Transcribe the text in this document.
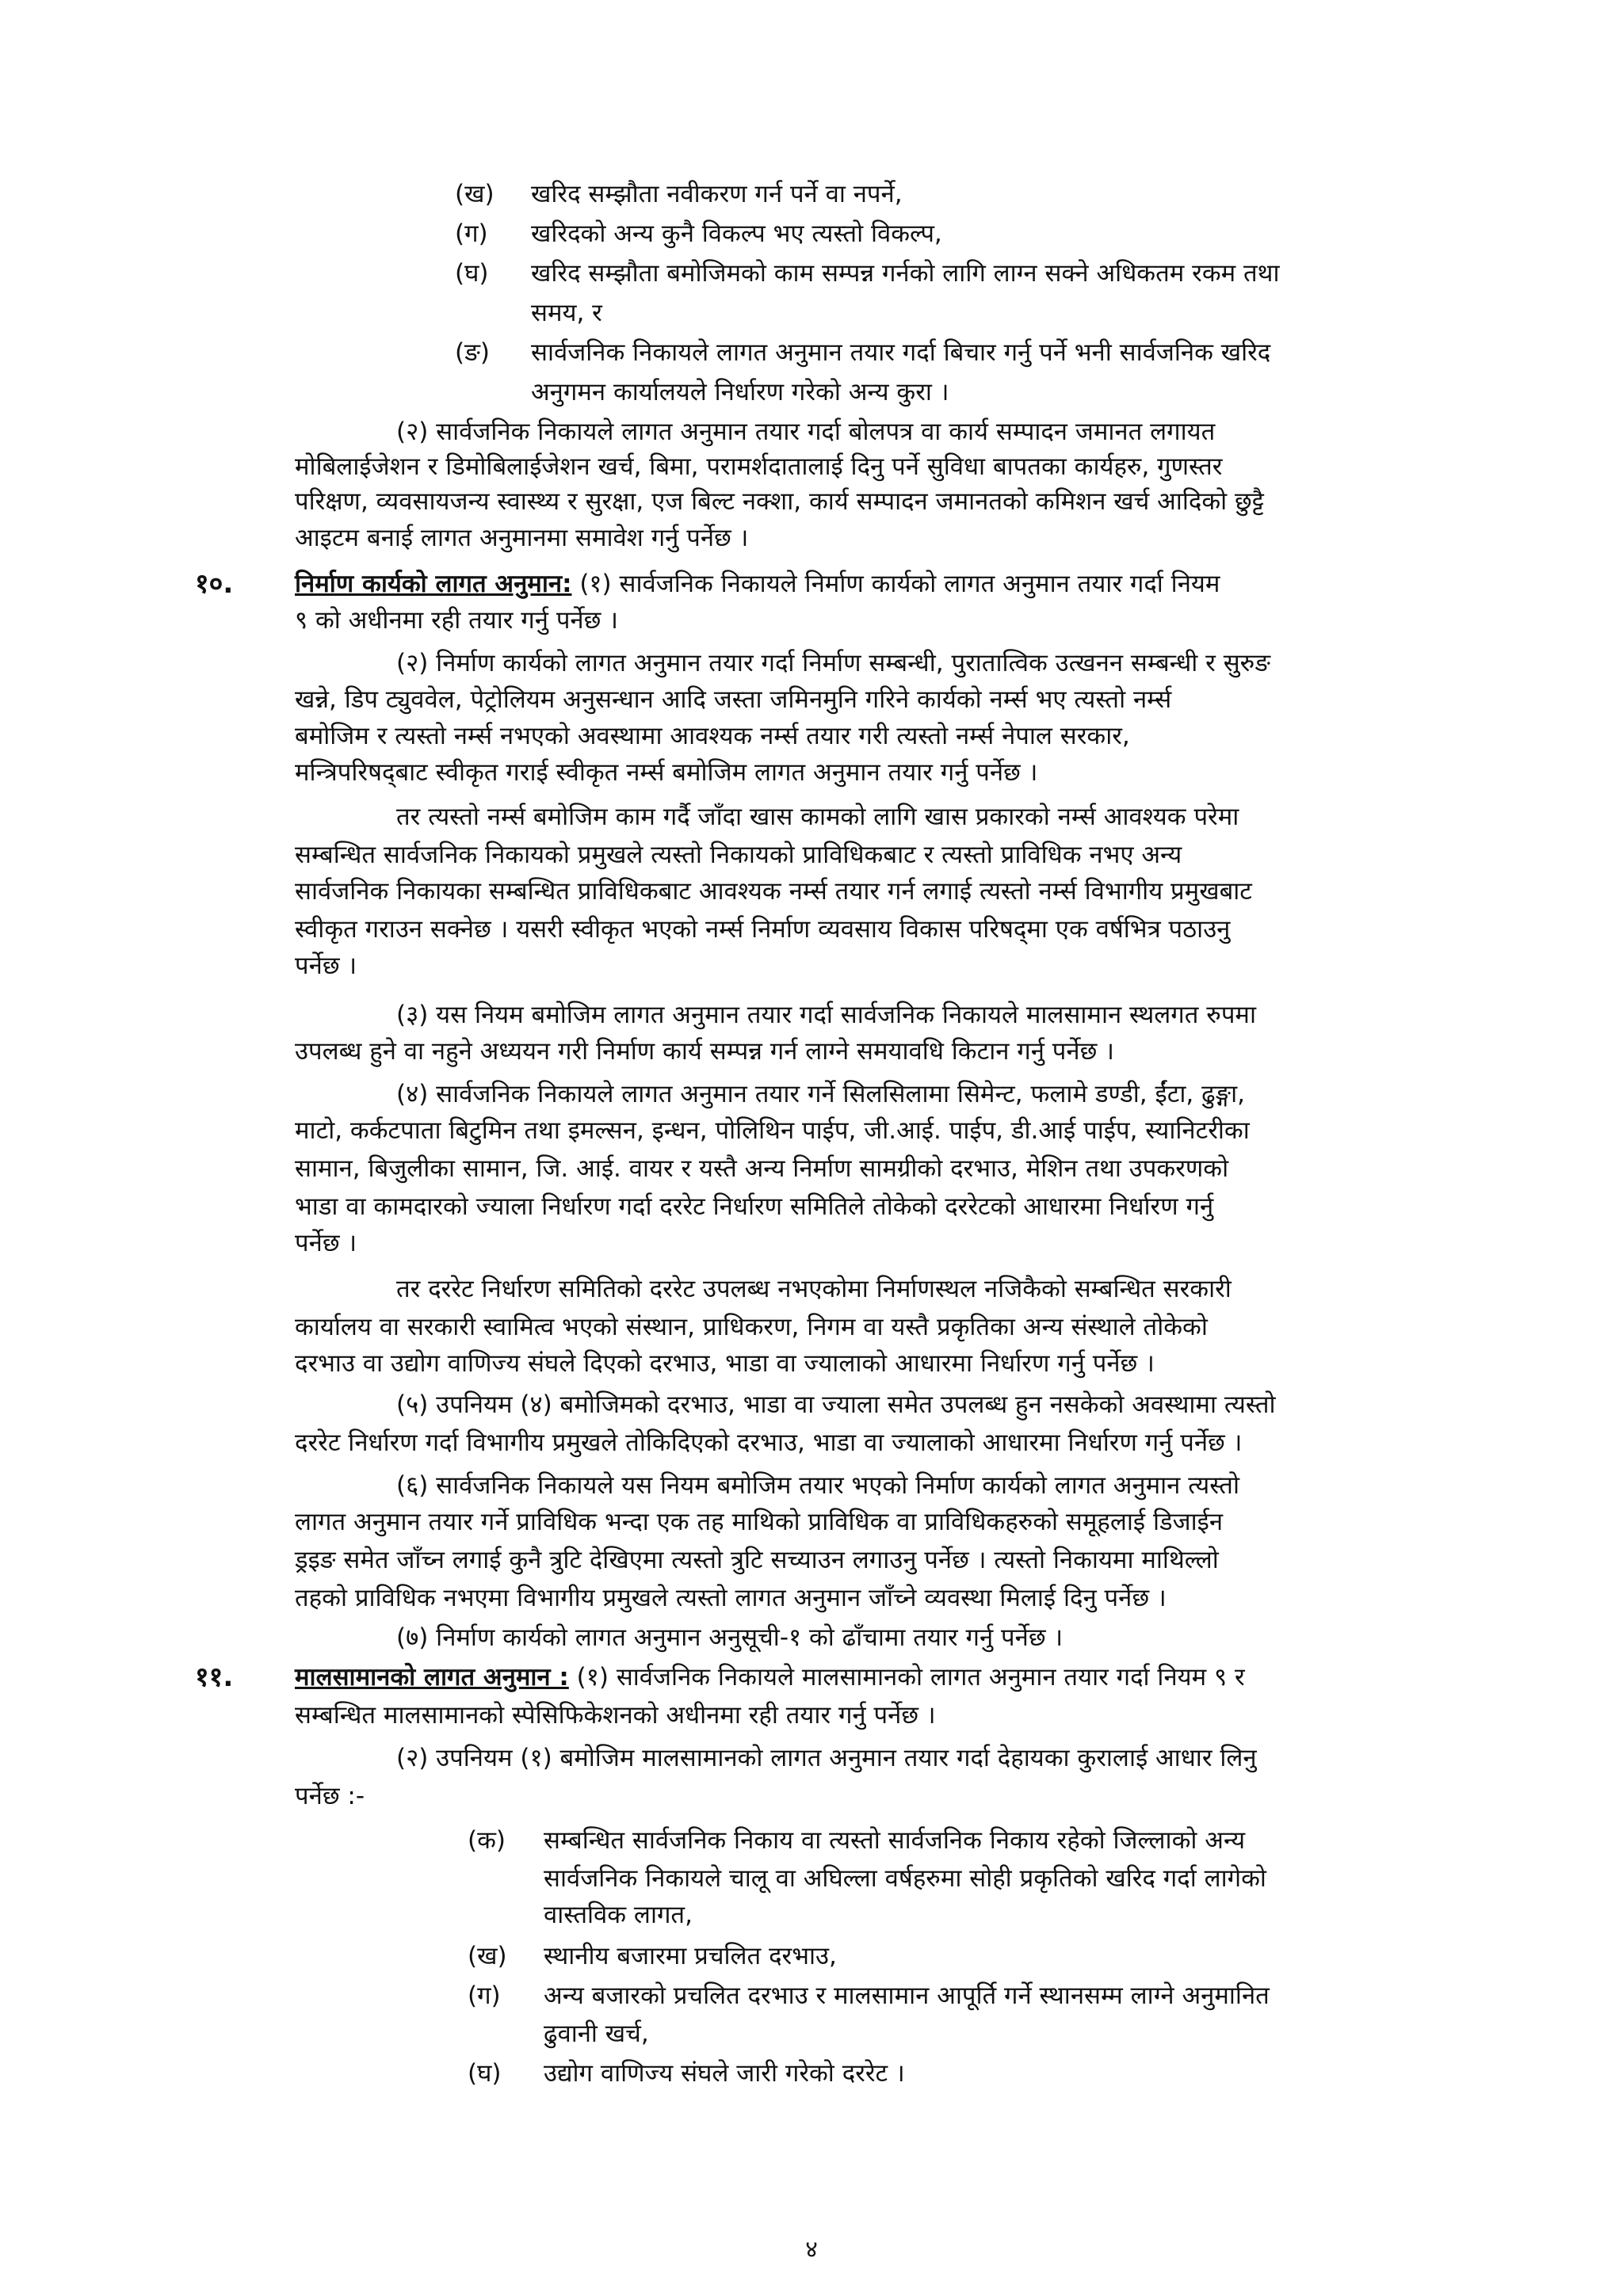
(ख) खरिद सम्झौता नवीकरण गर्न पर्ने वा नपर्ने,
(ग) खरिदको अन्य कुनै विकल्प भए त्यस्तो विकल्प,
(घ) खरिद सम्झौता बमोजिमको काम सम्पन्न गर्नको लागि लाग्न सक्ने अधिकतम रकम तथा
समय, र
(ङ) सार्वजनिक निकायले लागत अनुमान तयार गर्दा बिचार गर्नु पर्ने भनी सार्वजनिक खरिद
अनुगमन कार्यालयले निर्धारण गरेको अन्य कुरा ।
(२) सार्वजनिक निकायले लागत अनुमान तयार गर्दा बोलपत्र वा कार्य सम्पादन जमानत लगायत
मोबिलाईजेशन र डिमोबिलाईजेशन खर्च, बिमा, परामर्शदातालाई दिनु पर्ने सुविधा बापतका कार्यहरु, गुणस्तर
परिक्षण, व्यवसायजन्य स्वास्थ्य र सुरक्षा, एज बिल्ट नक्शा, कार्य सम्पादन जमानतको कमिशन खर्च आदिको छुट्टै
आइटम बनाई लागत अनुमानमा समावेश गर्नु पर्नेछ ।
१०.	निर्माण कार्यको लागत अनुमान: (१) सार्वजनिक निकायले निर्माण कार्यको लागत अनुमान तयार गर्दा नियम
९ को अधीनमा रही तयार गर्नु पर्नेछ ।
(२) निर्माण कार्यको लागत अनुमान तयार गर्दा निर्माण सम्बन्धी, पुरातात्विक उत्खनन सम्बन्धी र सुरुङ
खन्ने, डिप ट्युववेल, पेट्रोलियम अनुसन्धान आदि जस्ता जमिनमुनि गरिने कार्यको नर्म्स भए त्यस्तो नर्म्स
बमोजिम र त्यस्तो नर्म्स नभएको अवस्थामा आवश्यक नर्म्स तयार गरी त्यस्तो नर्म्स नेपाल सरकार,
मन्त्रिपरिषद्‌बाट स्वीकृत गराई स्वीकृत नर्म्स बमोजिम लागत अनुमान तयार गर्नु पर्नेछ ।
तर त्यस्तो नर्म्स बमोजिम काम गर्दै जाँदा खास कामको लागि खास प्रकारको नर्म्स आवश्यक परेमा
सम्बन्धित सार्वजनिक निकायको प्रमुखले त्यस्तो निकायको प्राविधिकबाट र त्यस्तो प्राविधिक नभए अन्य
सार्वजनिक निकायका सम्बन्धित प्राविधिकबाट आवश्यक नर्म्स तयार गर्न लगाई त्यस्तो नर्म्स विभागीय प्रमुखबाट
स्वीकृत गराउन सक्नेछ । यसरी स्वीकृत भएको नर्म्स निर्माण व्यवसाय विकास परिषद्‌मा एक वर्षभित्र पठाउनु
पर्नेछ ।
(३) यस नियम बमोजिम लागत अनुमान तयार गर्दा सार्वजनिक निकायले मालसामान स्थलगत रुपमा
उपलब्ध हुने वा नहुने अध्ययन गरी निर्माण कार्य सम्पन्न गर्न लाग्ने समयावधि किटान गर्नु पर्नेछ ।
(४) सार्वजनिक निकायले लागत अनुमान तयार गर्ने सिलसिलामा सिमेन्ट, फलामे डण्डी, ईंटा, ढुङ्गा,
माटो, कर्कटपाता बिटुमिन तथा इमल्सन, इन्धन, पोलिथिन पाईप, जी.आई. पाईप, डी.आई पाईप, स्यानिटरीका
सामान, बिजुलीका सामान, जि. आई. वायर र यस्तै अन्य निर्माण सामग्रीको दरभाउ, मेशिन तथा उपकरणको
भाडा वा कामदारको ज्याला निर्धारण गर्दा दररेट निर्धारण समितिले तोकेको दररेटको आधारमा निर्धारण गर्नु
पर्नेछ ।
तर दररेट निर्धारण समितिको दररेट उपलब्ध नभएकोमा निर्माणस्थल नजिकैको सम्बन्धित सरकारी
कार्यालय वा सरकारी स्वामित्व भएको संस्थान, प्राधिकरण, निगम वा यस्तै प्रकृतिका अन्य संस्थाले तोकेको
दरभाउ वा उद्योग वाणिज्य संघले दिएको दरभाउ, भाडा वा ज्यालाको आधारमा निर्धारण गर्नु पर्नेछ ।
(५) उपनियम (४) बमोजिमको दरभाउ, भाडा वा ज्याला समेत उपलब्ध हुन नसकेको अवस्थामा त्यस्तो
दररेट निर्धारण गर्दा विभागीय प्रमुखले तोकिदिएको दरभाउ, भाडा वा ज्यालाको आधारमा निर्धारण गर्नु पर्नेछ ।
(६) सार्वजनिक निकायले यस नियम बमोजिम तयार भएको निर्माण कार्यको लागत अनुमान त्यस्तो
लागत अनुमान तयार गर्ने प्राविधिक भन्दा एक तह माथिको प्राविधिक वा प्राविधिकहरुको समूहलाई डिजाईन
ड्रइङ समेत जाँच्न लगाई कुनै त्रुटि देखिएमा त्यस्तो त्रुटि सच्याउन लगाउनु पर्नेछ । त्यस्तो निकायमा माथिल्लो
तहको प्राविधिक नभएमा विभागीय प्रमुखले त्यस्तो लागत अनुमान जाँच्ने व्यवस्था मिलाई दिनु पर्नेछ ।
(७) निर्माण कार्यको लागत अनुमान अनुसूची-१ को ढाँचामा तयार गर्नु पर्नेछ ।
११.	मालसामानको लागत अनुमान : (१) सार्वजनिक निकायले मालसामानको लागत अनुमान तयार गर्दा नियम ९ र
सम्बन्धित मालसामानको स्पेसिफिकेशनको अधीनमा रही तयार गर्नु पर्नेछ ।
(२) उपनियम (१) बमोजिम मालसामानको लागत अनुमान तयार गर्दा देहायका कुरालाई आधार लिनु
पर्नेछ :-
(क) सम्बन्धित सार्वजनिक निकाय वा त्यस्तो सार्वजनिक निकाय रहेको जिल्लाको अन्य
सार्वजनिक निकायले चालू वा अघिल्ला वर्षहरुमा सोही प्रकृतिको खरिद गर्दा लागेको
वास्तविक लागत,
(ख) स्थानीय बजारमा प्रचलित दरभाउ,
(ग) अन्य बजारको प्रचलित दरभाउ र मालसामान आपूर्ति गर्ने स्थानसम्म लाग्ने अनुमानित
ढुवानी खर्च,
(घ) उद्योग वाणिज्य संघले जारी गरेको दररेट ।
४
